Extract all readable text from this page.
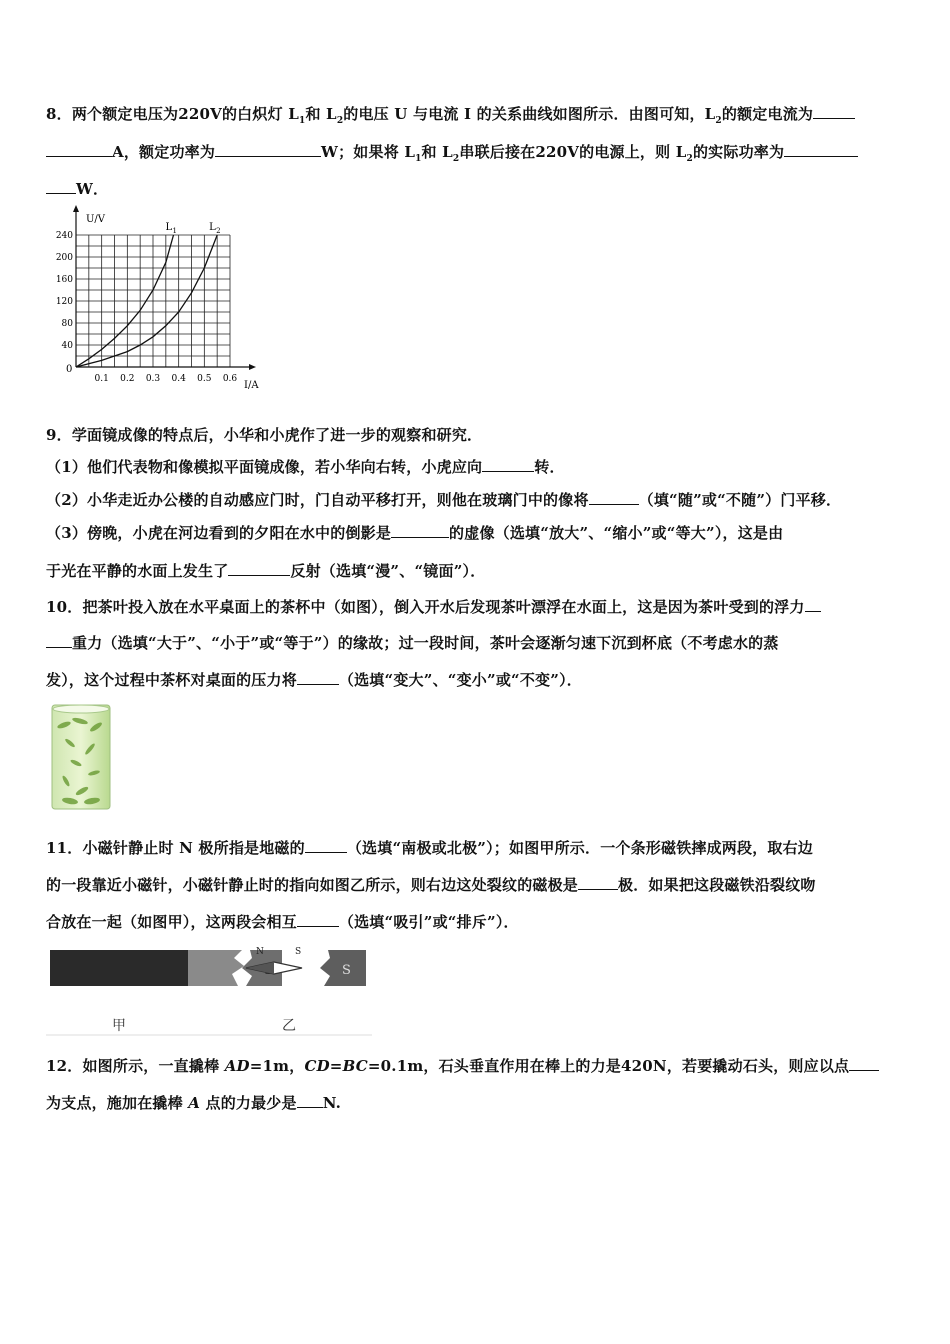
8．两个额定电压为220V的白炽灯 $L_1$和 $L_2$的电压 U 与电流 I 的关系曲线如图所示．由图可知，$L_2$的额定电流为
A，额定功率为	W；如果将 $L_1$和 $L_2$串联后接在220V的电源上，则 $L_2$的实际功率为
W．
240
200
160
120
80
40
0.1 0.2 0.3 0.4 0.5 0.6
L 1	L 2
U/V
I/A
0
9．学面镜成像的特点后，小华和小虎作了进一步的观察和研究．
（1）他们代表物和像模拟平面镜成像，若小华向右转，小虎应向	转．
（2）小华走近办公楼的自动感应门时，门自动平移打开，则他在玻璃门中的像将	（填“随”或“不随”）门平移．
（3）傍晚，小虎在河边看到的夕阳在水中的倒影是	的虚像（选填“放大”、“缩小”或“等大”），这是由
于光在平静的水面上发生了	反射（选填“漫”、“镜面”）．
10．把茶叶投入放在水平桌面上的茶杯中（如图），倒入开水后发现茶叶漂浮在水面上，这是因为茶叶受到的浮力
重力（选填“大于”、“小于”或“等于”）的缘故；过一段时间，茶叶会逐渐匀速下沉到杯底（不考虑水的蒸
发），这个过程中茶杯对桌面的压力将	（选填“变大”、“变小”或“不变”）．
11．小磁针静止时 N 极所指是地磁的	（选填“南极或北极”）；如图甲所示．一个条形磁铁摔成两段，取右边
的一段靠近小磁针，小磁针静止时的指向如图乙所示，则右边这处裂纹的磁极是	极．如果把这段磁铁沿裂纹吻
合放在一起（如图甲），这两段会相互	（选填“吸引”或“排斥”）．
N	S
S
甲	乙
12．如图所示，一直撬棒 AD=1m，CD=BC=0.1m，石头垂直作用在棒上的力是420N，若要撬动石头，则应以点
为支点，施加在撬棒 A 点的力最少是 N.
